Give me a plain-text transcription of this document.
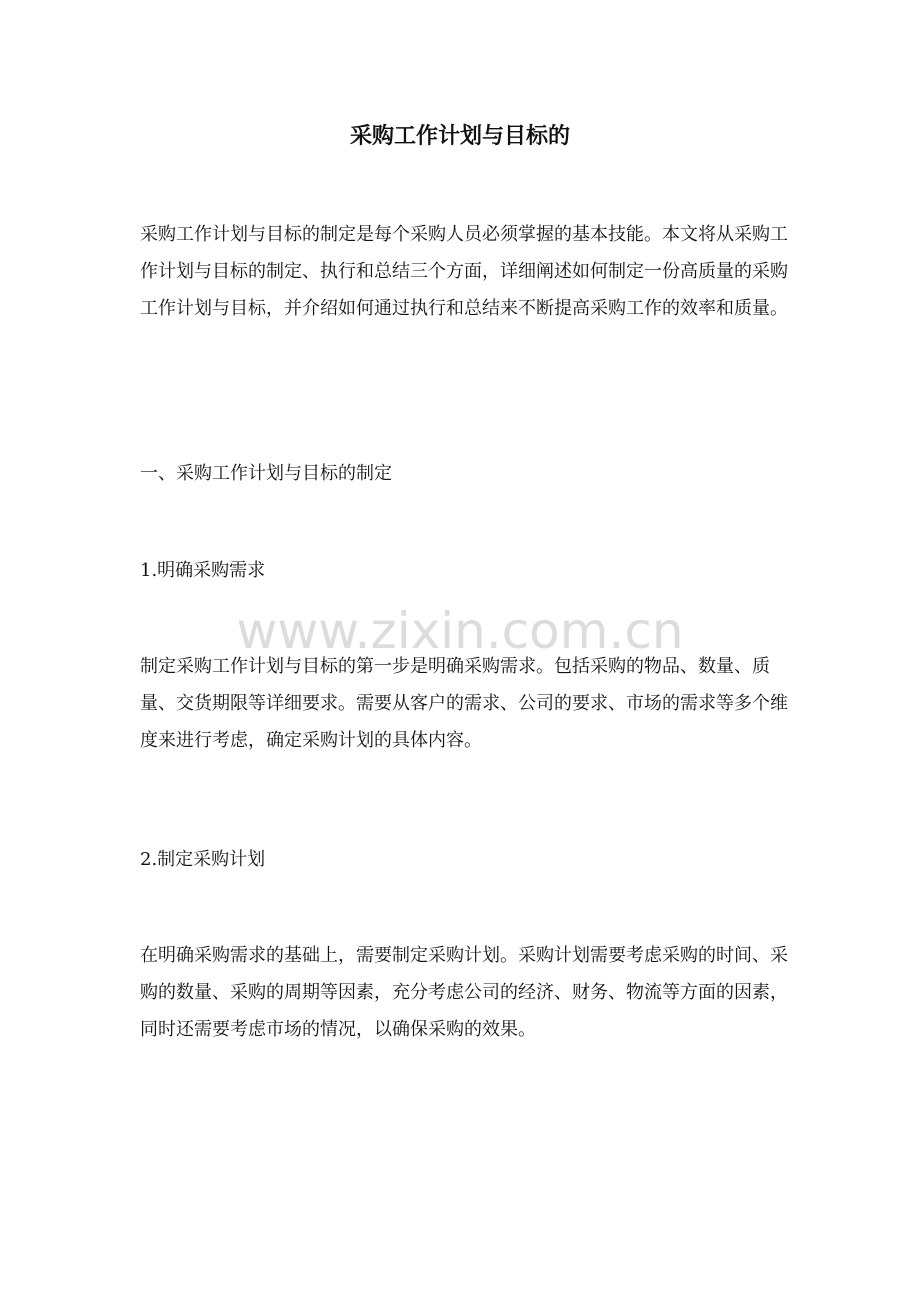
采购工作计划与目标的

采购工作计划与目标的制定是每个采购人员必须掌握的基本技能。本文将从采购工作计划与目标的制定、执行和总结三个方面，详细阐述如何制定一份高质量的采购工作计划与目标，并介绍如何通过执行和总结来不断提高采购工作的效率和质量。

一、采购工作计划与目标的制定

1.明确采购需求

制定采购工作计划与目标的第一步是明确采购需求。包括采购的物品、数量、质量、交货期限等详细要求。需要从客户的需求、公司的要求、市场的需求等多个维度来进行考虑，确定采购计划的具体内容。

2.制定采购计划

在明确采购需求的基础上，需要制定采购计划。采购计划需要考虑采购的时间、采购的数量、采购的周期等因素，充分考虑公司的经济、财务、物流等方面的因素，同时还需要考虑市场的情况，以确保采购的效果。

www.zixin.com.cn
